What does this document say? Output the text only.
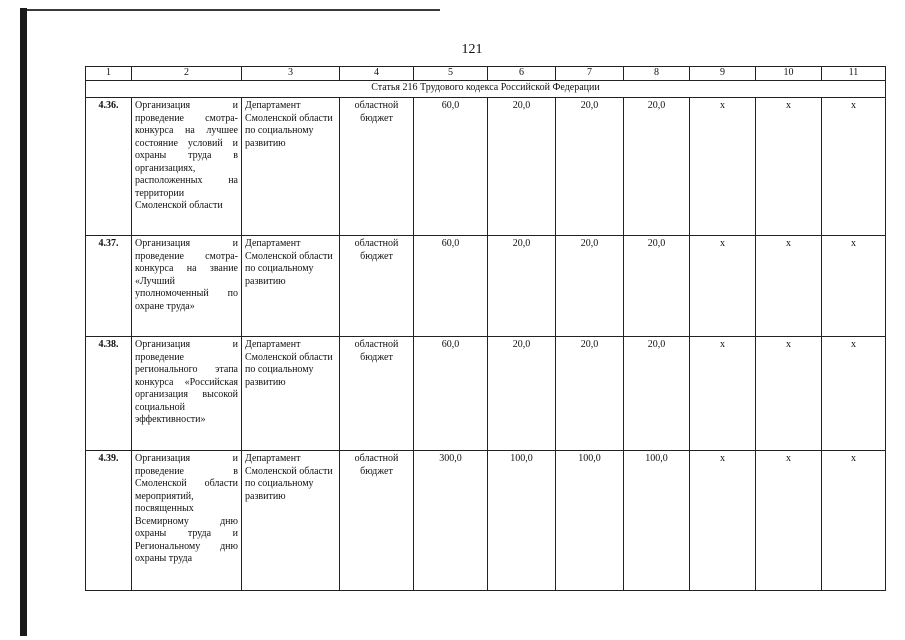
121
1	2	3	4	5	6	7	8	9	10	11
Статья 216 Трудового кодекса Российской Федерации										
4.36.	Организация и проведение смотра-конкурса на лучшее состояние условий и охраны труда в организациях, расположенных на территории Смоленской области	Департамент Смоленской области по социальному развитию	областной бюджет	60,0	20,0	20,0	20,0	х	х	х
4.37.	Организация и проведение смотра-конкурса на звание «Лучший уполномоченный по охране труда»	Департамент Смоленской области по социальному развитию	областной бюджет	60,0	20,0	20,0	20,0	х	х	х
4.38.	Организация и проведение регионального этапа конкурса «Российская организация высокой социальной эффективности»	Департамент Смоленской области по социальному развитию	областной бюджет	60,0	20,0	20,0	20,0	х	х	х
4.39.	Организация и проведение в Смоленской области мероприятий, посвященных Всемирному дню охраны труда и Региональному дню охраны труда	Департамент Смоленской области по социальному развитию	областной бюджет	300,0	100,0	100,0	100,0	х	х	х
